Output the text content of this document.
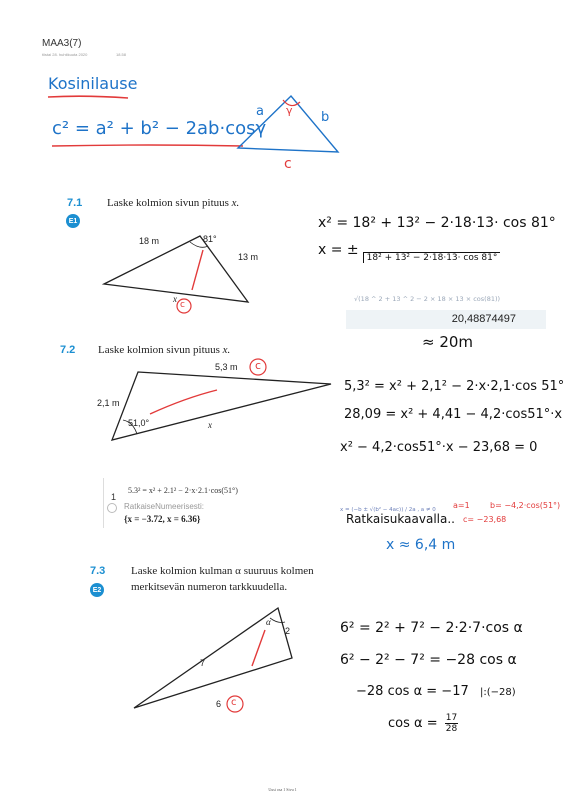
MAA3(7)
tiistai 28. huhtikuuta 2020	18.58
Kosinilause
c² = a² + b² − 2ab·cosγ
a	b
γ
c
7.1
E1
Laske kolmion sivun pituus x.
18 m	81°
13 m
x
c
x² = 18² + 13² − 2·18·13· cos 81°
x = ± 18² + 13² − 2·18·13· cos 81°
√(18 ^ 2 + 13 ^ 2 − 2 × 18 × 13 × cos(81))
20,48874497
≈ 20m
7.2 Laske kolmion sivun pituus x.
5,3 m c
2,1 m
51,0°	x
5,3² = x² + 2,1² − 2·x·2,1·cos 51°
28,09 = x² + 4,41 − 4,2·cos51°·x
x² − 4,2·cos51°·x − 23,68 = 0
1
5.3² = x² + 2.1² − 2·x·2.1·cos(51°)
RatkaiseNumeerisesti:
{x = −3.72, x = 6.36}
x = (−b ± √(b² − 4ac)) / 2a , a ≠ 0 a=1	b= −4,2·cos(51°)
c= −23,68
Ratkaisukaavalla..
x ≈ 6,4 m
7.3
E2
Laske kolmion kulman α suuruus kolmen
merkitsevän numeron tarkkuudella.
α
2
7
6 c
6² = 2² + 7² − 2·2·7·cos α
6² − 2² − 7² = −28 cos α
−28 cos α = −17 |:(−28)
$\cos \alpha = \frac{17}{28}$
Uusi osa 1 Sivu 1
